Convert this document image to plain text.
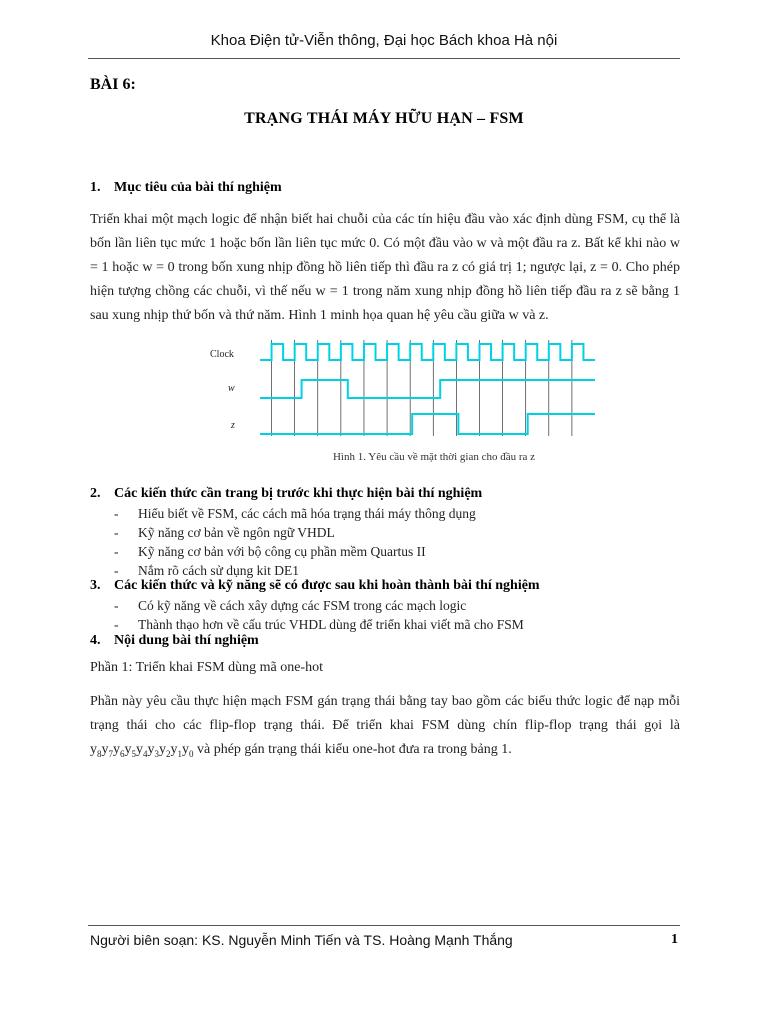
Khoa Điện tử-Viễn thông, Đại học Bách khoa Hà nội
BÀI 6:
TRẠNG THÁI MÁY HỮU HẠN – FSM
1. Mục tiêu của bài thí nghiệm
Triển khai một mạch logic để nhận biết hai chuỗi của các tín hiệu đầu vào xác định dùng FSM, cụ thể là bốn lần liên tục mức 1 hoặc bốn lần liên tục mức 0. Có một đầu vào w và một đầu ra z. Bất kể khi nào w = 1 hoặc w = 0 trong bốn xung nhịp đồng hồ liên tiếp thì đầu ra z có giá trị 1; ngược lại, z = 0. Cho phép hiện tượng chồng các chuỗi, vì thế nếu w = 1 trong năm xung nhịp đồng hồ liên tiếp đầu ra z sẽ bằng 1 sau xung nhịp thứ bốn và thứ năm. Hình 1 minh họa quan hệ yêu cầu giữa w và z.
Clock
w
z
Hình 1. Yêu cầu về mặt thời gian cho đầu ra z
2. Các kiến thức cần trang bị trước khi thực hiện bài thí nghiệm
- Hiểu biết về FSM, các cách mã hóa trạng thái máy thông dụng
- Kỹ năng cơ bản về ngôn ngữ VHDL
- Kỹ năng cơ bản với bộ công cụ phần mềm Quartus II
- Nắm rõ cách sử dụng kit DE1
3. Các kiến thức và kỹ năng sẽ có được sau khi hoàn thành bài thí nghiệm
- Có kỹ năng về cách xây dựng các FSM trong các mạch logic
- Thành thạo hơn về cấu trúc VHDL dùng để triển khai viết mã cho FSM
4. Nội dung bài thí nghiệm
Phần 1: Triển khai FSM dùng mã one-hot
Phần này yêu cầu thực hiện mạch FSM gán trạng thái bằng tay bao gồm các biểu thức logic để nạp mỗi trạng thái cho các flip-flop trạng thái. Để triển khai FSM dùng chín flip-flop trạng thái gọi là $y_8y_7y_6y_5y_4y_3y_2y_1y_0$ và phép gán trạng thái kiểu one-hot đưa ra trong bảng 1.
Người biên soạn: KS. Nguyễn Minh Tiến và TS. Hoàng Mạnh Thắng	1
